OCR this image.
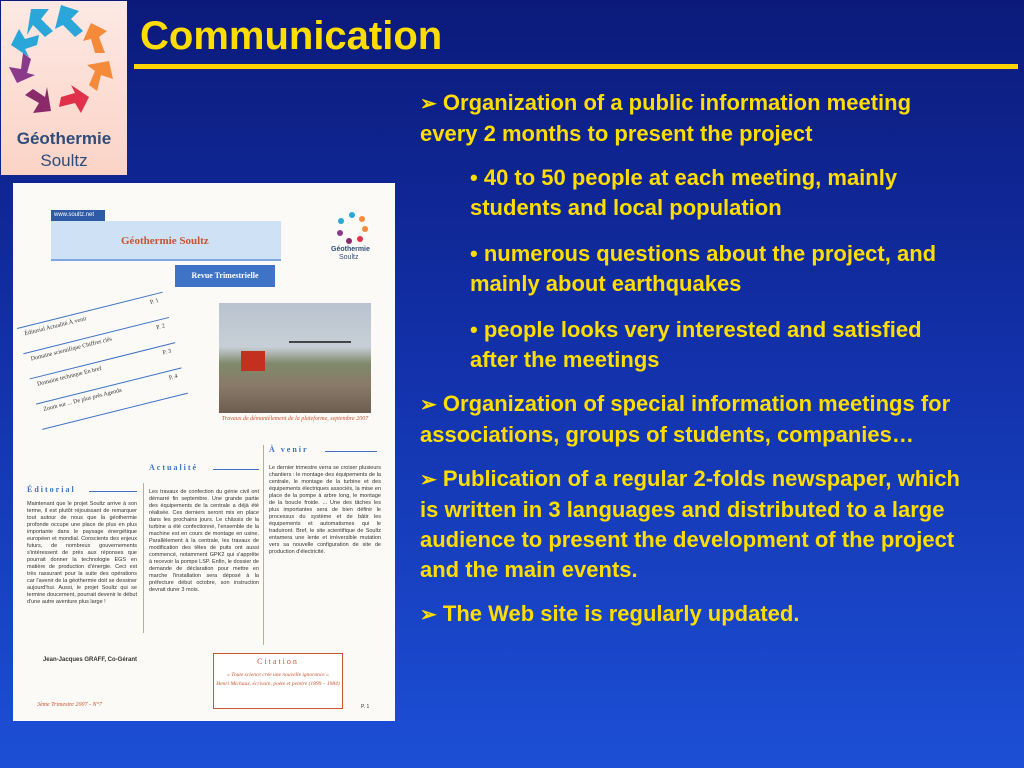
Géothermie
Soultz
Communication
www.soultz.net
Géothermie Soultz
Revue Trimestrielle
Géothermie
Soultz
Éditorial Actualité À venir
P. 1
Domaine scientifique Chiffres clés
P. 2
Domaine technique En bref
P. 3
Zoom sur ... De plus près Agenda
P. 4
Travaux de démantèlement de la plateforme, septembre 2007
Éditorial
Maintenant que le projet Soultz arrive à son terme, il est plutôt réjouissant de remarquer tout autour de nous que la géothermie profonde occupe une place de plus en plus importante dans le paysage énergétique européen et mondial. Conscients des enjeux futurs, de nombreux gouvernements s'intéressent de près aux réponses que pourrait donner la technologie EGS en matière de production d'énergie. Ceci est très rassurant pour la suite des opérations car l'avenir de la géothermie doit se dessiner aujourd'hui. Aussi, le projet Soultz qui se termine doucement, pourrait devenir le début d'une autre aventure plus large !
Jean-Jacques GRAFF, Co-Gérant
Actualité
Les travaux de confection du génie civil ont démarré fin septembre. Une grande partie des équipements de la centrale a déjà été réalisée. Ces derniers seront mis en place dans les prochains jours. Le châssis de la turbine a été confectionné, l'ensemble de la machine est en cours de montage en usine. Parallèlement à la centrale, les travaux de modification des têtes de puits ont aussi commencé, notamment GPK2 qui s'apprête à recevoir la pompe LSP. Enfin, le dossier de demande de déclaration pour mettre en marche l'installation sera déposé à la préfecture début octobre, son instruction devrait durer 3 mois.
À venir
Le dernier trimestre verra se croiser plusieurs chantiers : le montage des équipements de la centrale, le montage de la turbine et des équipements électriques associés, la mise en place de la pompe à arbre long, le montage de la boucle froide. ... Une des tâches les plus importantes sera de bien définir le processus du système et de bâtir les équipements et automatismes qui le traduiront. Bref, le site scientifique de Soultz entamera une lente et irréversible mutation vers sa nouvelle configuration de site de production d'électricité.
Citation
« Toute science crée une nouvelle ignorance »
Henri Michaux, écrivain, poète et peintre (1899 – 1984)
3ème Trimestre 2007 - N°7	P. 1
➢ Organization of a public information meeting every 2 months to present the project
• 40 to 50 people at each meeting, mainly students and local population
• numerous questions about the project, and mainly about earthquakes
• people looks very interested and satisfied after the meetings
➢ Organization of special information meetings for associations, groups of students, companies…
➢ Publication of a regular 2-folds newspaper, which is written in 3 languages and distributed to a large audience to present the development of the project and the main events.
➢ The Web site is regularly updated.
